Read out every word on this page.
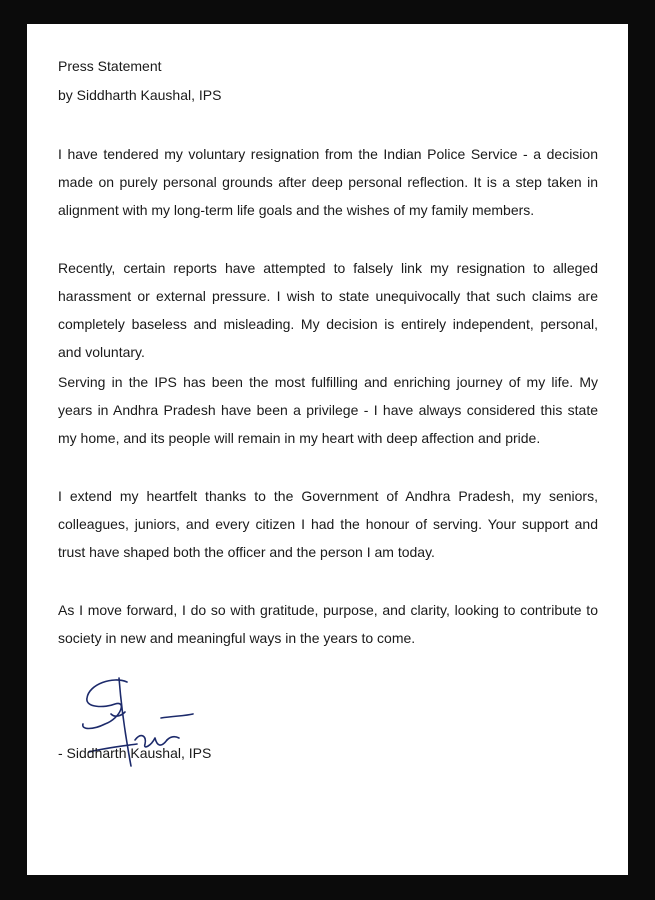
Press Statement

by Siddharth Kaushal, IPS

I have tendered my voluntary resignation from the Indian Police Service - a decision made on purely personal grounds after deep personal reflection. It is a step taken in alignment with my long-term life goals and the wishes of my family members.

Recently, certain reports have attempted to falsely link my resignation to alleged harassment or external pressure. I wish to state unequivocally that such claims are completely baseless and misleading. My decision is entirely independent, personal, and voluntary.

Serving in the IPS has been the most fulfilling and enriching journey of my life. My years in Andhra Pradesh have been a privilege - I have always considered this state my home, and its people will remain in my heart with deep affection and pride.

I extend my heartfelt thanks to the Government of Andhra Pradesh, my seniors, colleagues, juniors, and every citizen I had the honour of serving. Your support and trust have shaped both the officer and the person I am today.

As I move forward, I do so with gratitude, purpose, and clarity, looking to contribute to society in new and meaningful ways in the years to come.

- Siddharth Kaushal, IPS
